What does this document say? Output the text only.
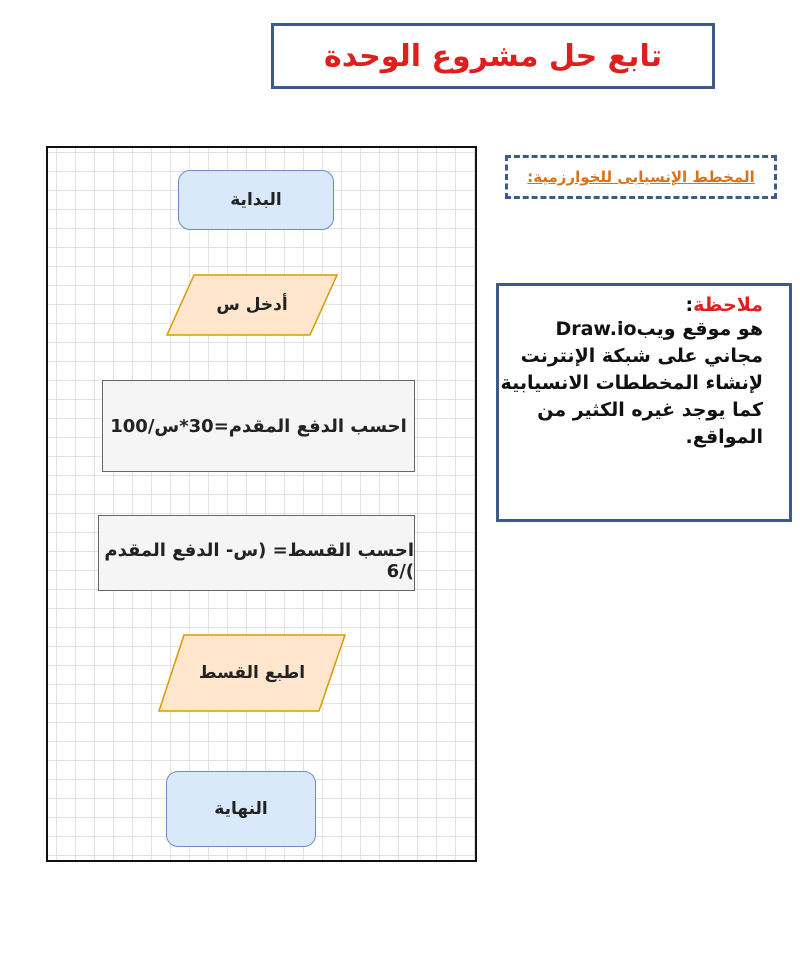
تابع حل مشروع الوحدة
البداية
أدخل س
احسب الدفع المقدم=30*س/100
احسب القسط= (س- الدفع المقدم )/6
اطبع القسط
النهاية
المخطط الإنسيابى للخوارزمية:
ملاحظة:
هو موقع ويبDraw.io
مجاني على شبكة الإنترنت
لإنشاء المخططات الانسيابية
كما يوجد غيره الكثير من
المواقع.
